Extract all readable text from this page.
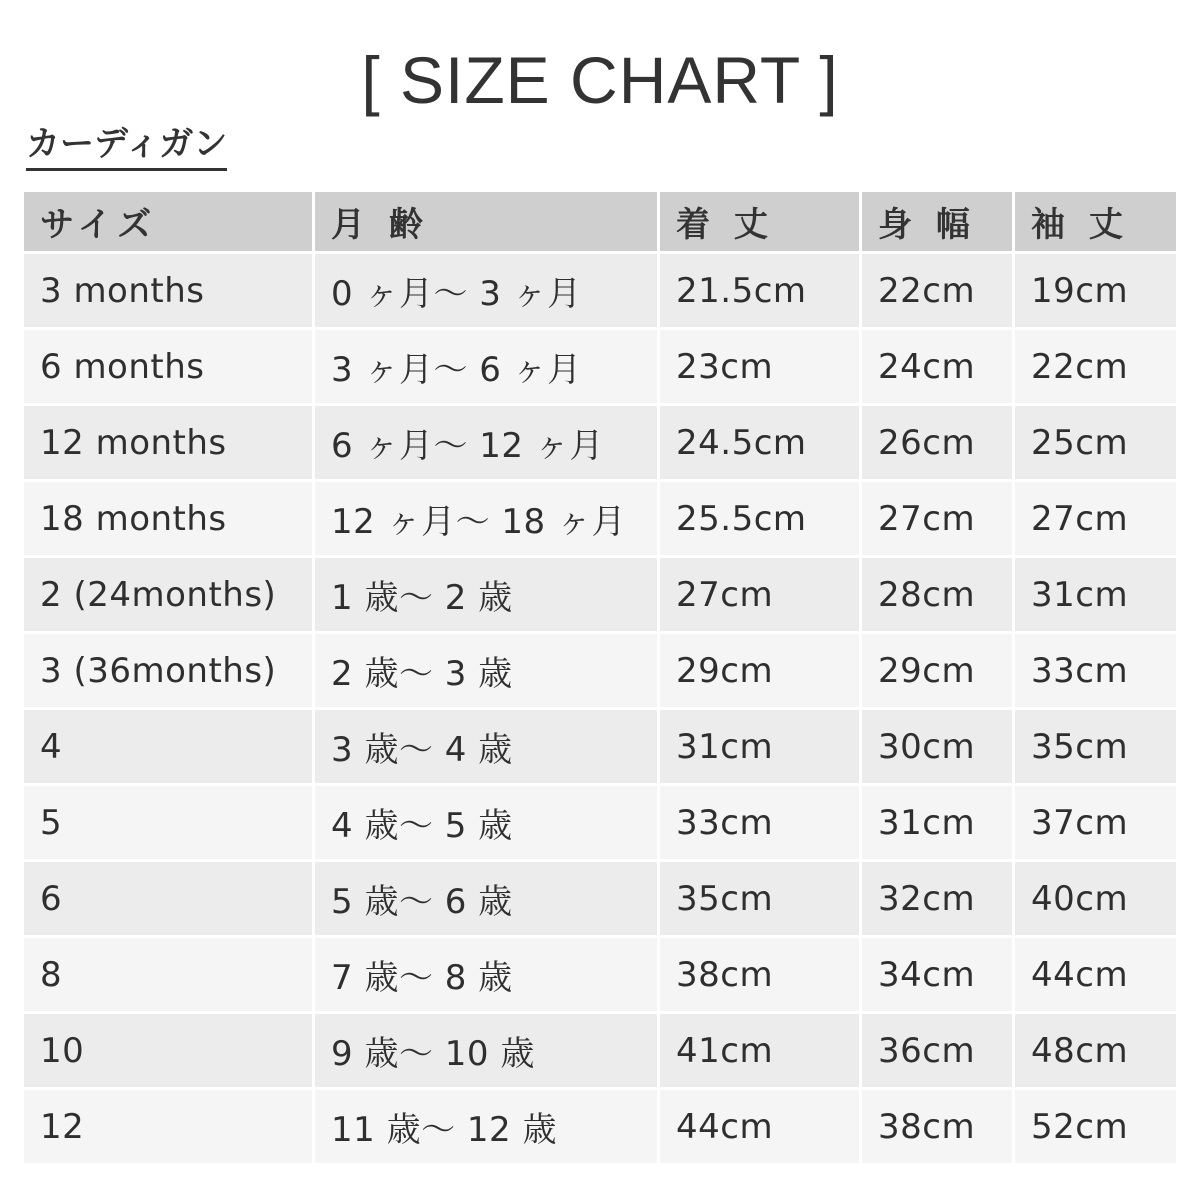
[ SIZE CHART ]
カーディガン
サイズ	月 齢	着 丈	身 幅	袖 丈
3 months	0 ヶ月〜 3 ヶ月	21.5cm	22cm	19cm
6 months	3 ヶ月〜 6 ヶ月	23cm	24cm	22cm
12 months	6 ヶ月〜 12 ヶ月	24.5cm	26cm	25cm
18 months	12 ヶ月〜 18 ヶ月	25.5cm	27cm	27cm
2 (24months)	1 歳〜 2 歳	27cm	28cm	31cm
3 (36months)	2 歳〜 3 歳	29cm	29cm	33cm
4	3 歳〜 4 歳	31cm	30cm	35cm
5	4 歳〜 5 歳	33cm	31cm	37cm
6	5 歳〜 6 歳	35cm	32cm	40cm
8	7 歳〜 8 歳	38cm	34cm	44cm
10	9 歳〜 10 歳	41cm	36cm	48cm
12	11 歳〜 12 歳	44cm	38cm	52cm
